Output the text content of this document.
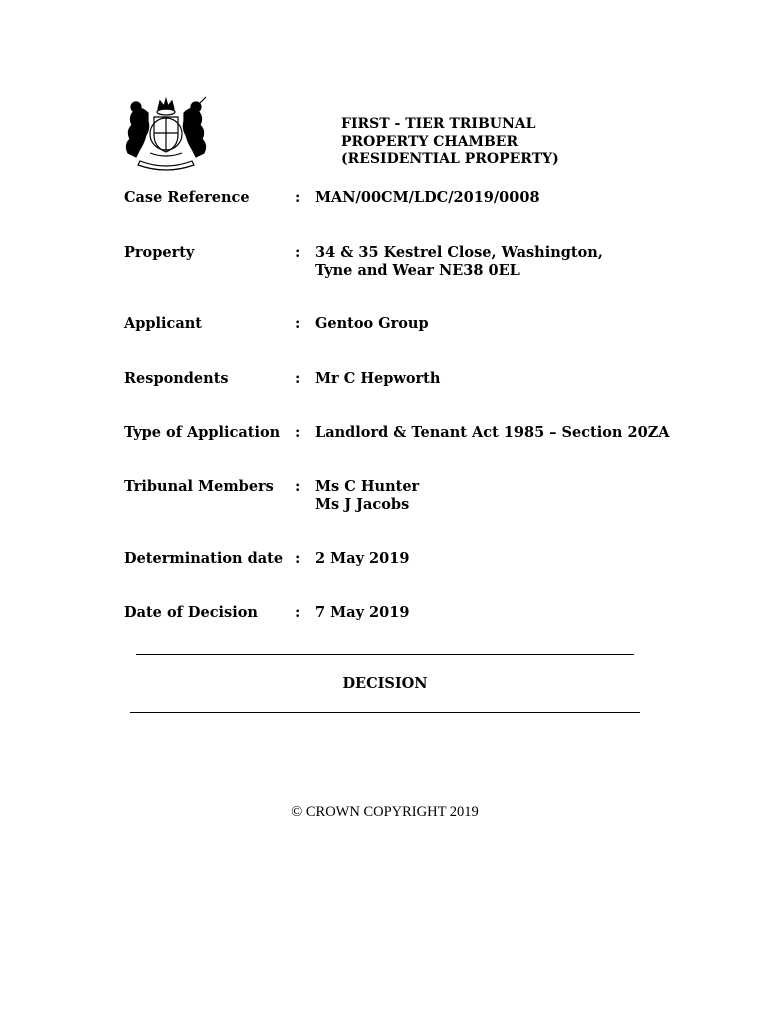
FIRST - TIER TRIBUNAL
PROPERTY CHAMBER
(RESIDENTIAL PROPERTY)
Case Reference	: MAN/00CM/LDC/2019/0008
Property	: 34 & 35 Kestrel Close, Washington,
Tyne and Wear NE38 0EL
Applicant	: Gentoo Group
Respondents	: Mr C Hepworth
Type of Application : Landlord & Tenant Act 1985 – Section 20ZA
Tribunal Members : Ms C Hunter
Ms J Jacobs
Determination date : 2 May 2019
Date of Decision	: 7 May 2019
DECISION
© CROWN COPYRIGHT 2019
